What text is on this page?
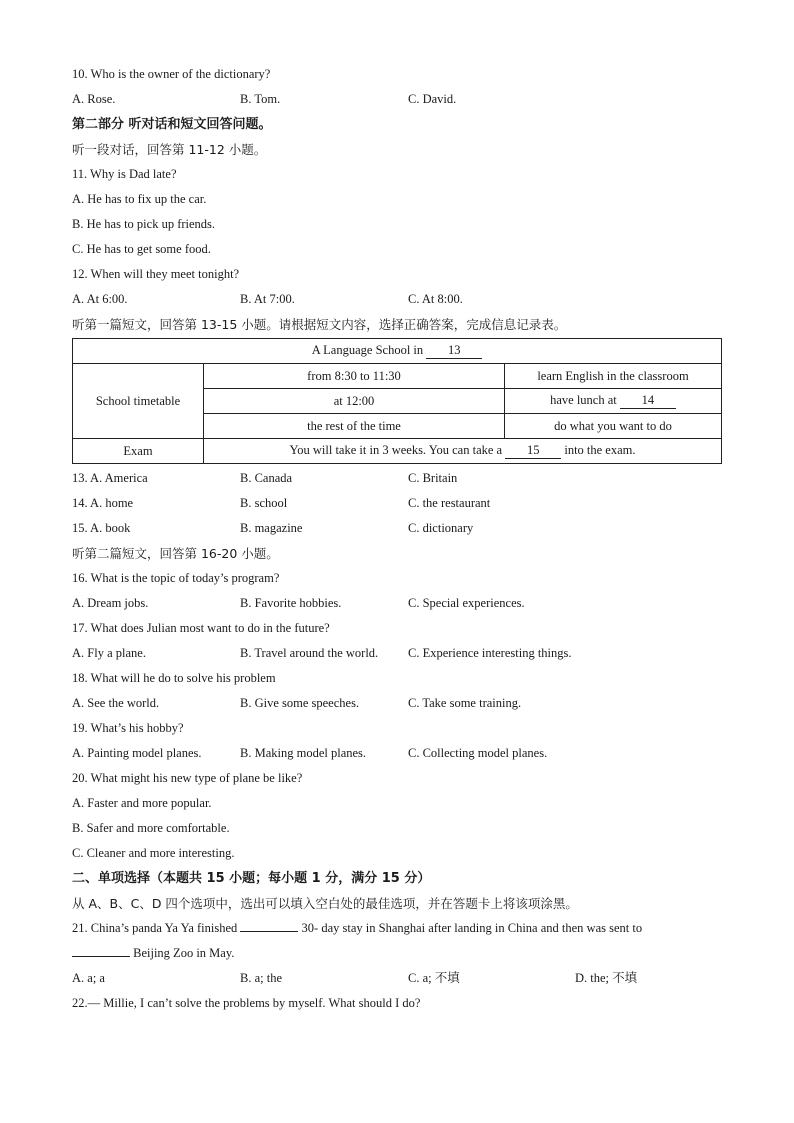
10. Who is the owner of the dictionary?
A. Rose.	B. Tom.	C. David.
第二部分 听对话和短文回答问题。
听一段对话，回答第 11-12 小题。
11. Why is Dad late?
A. He has to fix up the car.
B. He has to pick up friends.
C. He has to get some food.
12. When will they meet tonight?
A. At 6:00.	B. At 7:00.	C. At 8:00.
听第一篇短文，回答第 13-15 小题。请根据短文内容，选择正确答案，完成信息记录表。
A Language School in 13		
School timetable	from 8:30 to 11:30	learn English in the classroom
	at 12:00	have lunch at 14
	the rest of the time	do what you want to do
Exam	You will take it in 3 weeks. You can take a 15 into the exam.	
13. A. America	B. Canada	C. Britain
14. A. home	B. school	C. the restaurant
15. A. book	B. magazine	C. dictionary
听第二篇短文，回答第 16-20 小题。
16. What is the topic of today’s program?
A. Dream jobs.	B. Favorite hobbies.	C. Special experiences.
17. What does Julian most want to do in the future?
A. Fly a plane.	B. Travel around the world. C. Experience interesting things.
18. What will he do to solve his problem
A. See the world.	B. Give some speeches.	C. Take some training.
19. What’s his hobby?
A. Painting model planes.	B. Making model planes.	C. Collecting model planes.
20. What might his new type of plane be like?
A. Faster and more popular.
B. Safer and more comfortable.
C. Cleaner and more interesting.
二、单项选择（本题共 15 小题；每小题 1 分，满分 15 分）
从 A、B、C、D 四个选项中，选出可以填入空白处的最佳选项，并在答题卡上将该项涂黑。
21. China’s panda Ya Ya finished	30- day stay in Shanghai after landing in China and then was sent to
Beijing Zoo in May.
A. a; a	B. a; the	C. a; 不填	D. the; 不填
22.— Millie, I can’t solve the problems by myself. What should I do?
